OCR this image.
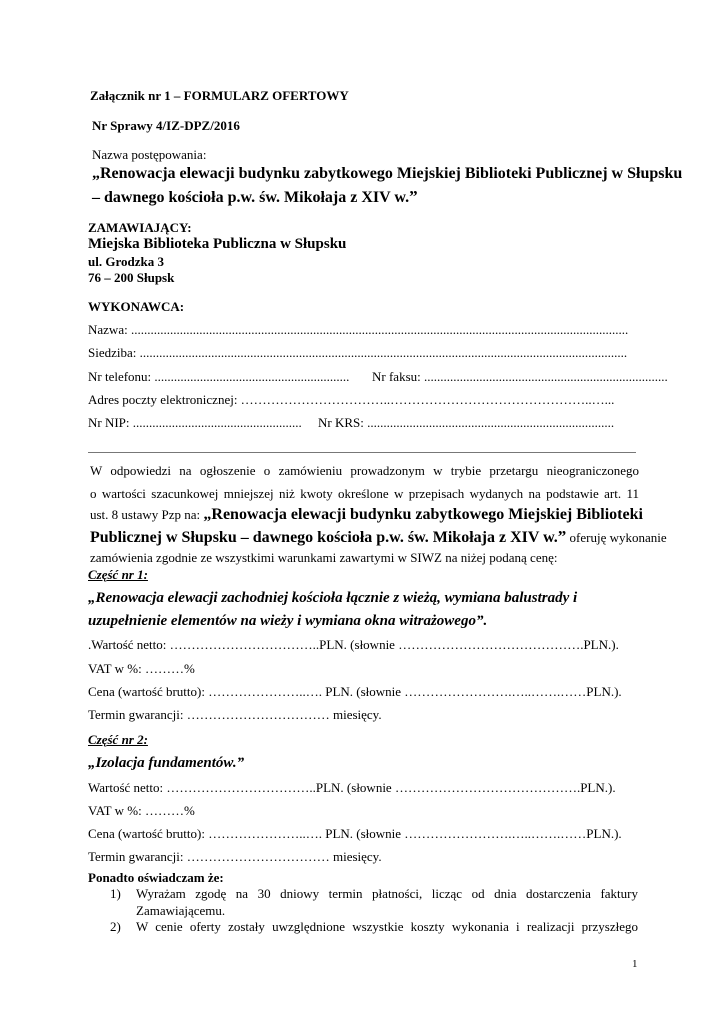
Załącznik nr 1 – FORMULARZ OFERTOWY
Nr Sprawy 4/IZ-DPZ/2016
Nazwa postępowania:
„Renowacja elewacji budynku zabytkowego Miejskiej Biblioteki Publicznej w Słupsku
– dawnego kościoła p.w. św. Mikołaja z XIV w.”
ZAMAWIAJĄCY:
Miejska Biblioteka Publiczna w Słupsku
ul. Grodzka 3
76 – 200 Słupsk
WYKONAWCA:
Nazwa: .........................................................................................................................................................
Siedziba: ......................................................................................................................................................
Nr telefonu: ............................................................ Nr faksu: ...........................................................................
Adres poczty elektronicznej: ……………………………..………………………………………..…...
Nr NIP: .................................................... Nr KRS: ............................................................................
W odpowiedzi na ogłoszenie o zamówieniu prowadzonym w trybie przetargu nieograniczonego
o wartości szacunkowej mniejszej niż kwoty określone w przepisach wydanych na podstawie art. 11
ust. 8 ustawy Pzp na: „Renowacja elewacji budynku zabytkowego Miejskiej Biblioteki
Publicznej w Słupsku – dawnego kościoła p.w. św. Mikołaja z XIV w.” oferuję wykonanie
zamówienia zgodnie ze wszystkimi warunkami zawartymi w SIWZ na niżej podaną cenę:
Część nr 1:
„Renowacja elewacji zachodniej kościoła łącznie z wieżą, wymiana balustrady i
uzupełnienie elementów na wieży i wymiana okna witrażowego”.
.Wartość netto: ……………………………..PLN. (słownie …………………………………….PLN.).
VAT w %: ………%
Cena (wartość brutto): …………………..…. PLN. (słownie …………………….…..…….……PLN.).
Termin gwarancji: …………………………… miesięcy.
Część nr 2:
„Izolacja fundamentów.”
Wartość netto: ……………………………..PLN. (słownie …………………………………….PLN.).
VAT w %: ………%
Cena (wartość brutto): …………………..…. PLN. (słownie …………………….…..…….……PLN.).
Termin gwarancji: …………………………… miesięcy.
Ponadto oświadczam że:
1) Wyrażam zgodę na 30 dniowy termin płatności, licząc od dnia dostarczenia faktury
Zamawiającemu.
2) W cenie oferty zostały uwzględnione wszystkie koszty wykonania i realizacji przyszłego
1
